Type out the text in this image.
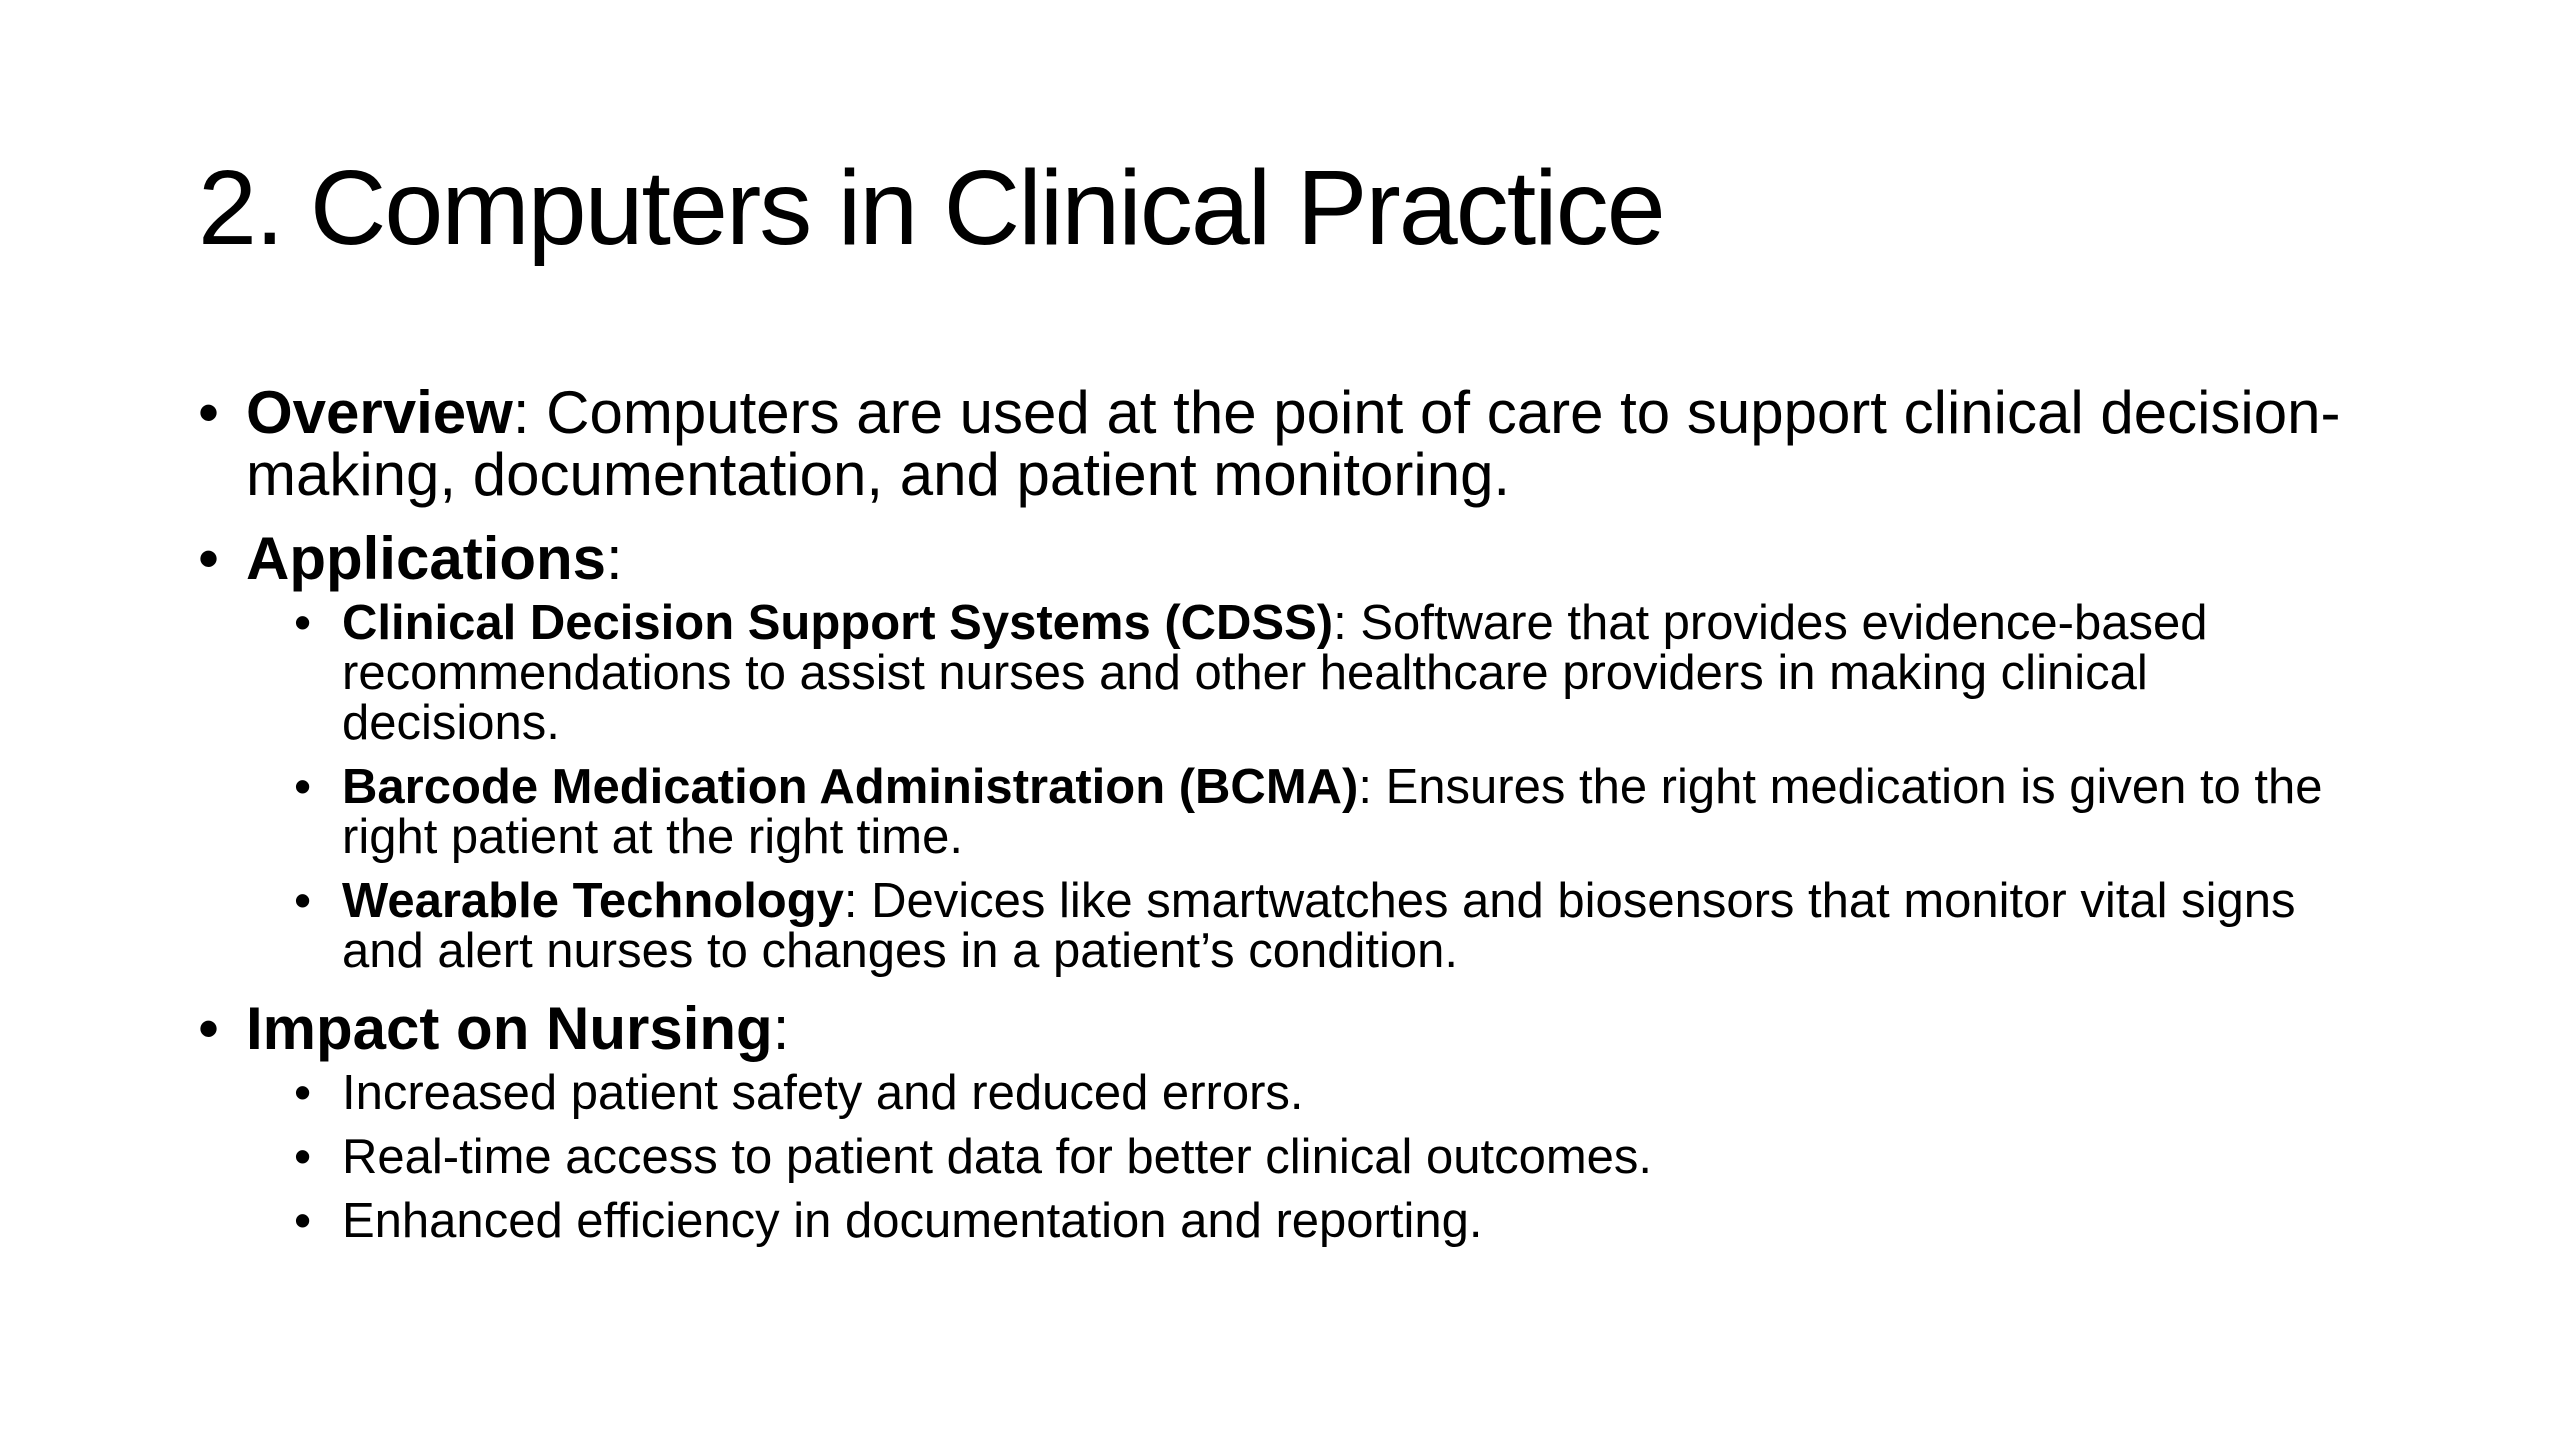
2. Computers in Clinical Practice
• Overview: Computers are used at the point of care to support clinical decision-making, documentation, and patient monitoring.
• Applications:
• Clinical Decision Support Systems (CDSS): Software that provides evidence-based recommendations to assist nurses and other healthcare providers in making clinical decisions.
• Barcode Medication Administration (BCMA): Ensures the right medication is given to the right patient at the right time.
• Wearable Technology: Devices like smartwatches and biosensors that monitor vital signs and alert nurses to changes in a patient’s condition.
• Impact on Nursing:
• Increased patient safety and reduced errors.
• Real-time access to patient data for better clinical outcomes.
• Enhanced efficiency in documentation and reporting.
